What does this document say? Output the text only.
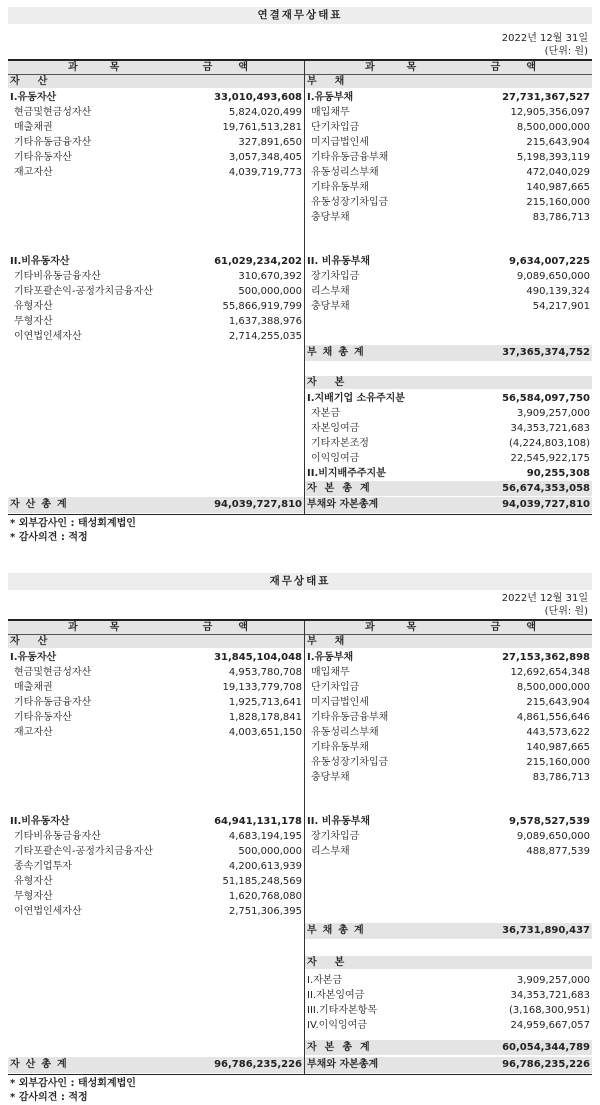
연결재무상태표
2022년 12월 31일
(단위: 원)
과목	금액
자산
I.유동자산	33,010,493,608
현금및현금성자산	5,824,020,499
매출채권	19,761,513,281
기타유동금융자산	327,891,650
기타유동자산	3,057,348,405
재고자산	4,039,719,773
II.비유동자산	61,029,234,202
기타비유동금융자산	310,670,392
기타포괄손익-공정가치금융자산	500,000,000
유형자산	55,866,919,799
무형자산	1,637,388,976
이연법인세자산	2,714,255,035
자산총계	94,039,727,810
과목	금액
부채
I.유동부채	27,731,367,527
매입채무	12,905,356,097
단기차입금	8,500,000,000
미지급법인세	215,643,904
기타유동금융부채	5,198,393,119
유동성리스부채	472,040,029
기타유동부채	140,987,665
유동성장기차입금	215,160,000
충당부채	83,786,713
II. 비유동부채	9,634,007,225
장기차입금	9,089,650,000
리스부채	490,139,324
충당부채	54,217,901
부채총계	37,365,374,752
자본
I.지배기업 소유주지분	56,584,097,750
자본금	3,909,257,000
자본잉여금	34,353,721,683
기타자본조정	(4,224,803,108)
이익잉여금	22,545,922,175
II.비지배주주지분	90,255,308
자본총계	56,674,353,058
부채와 자본총계	94,039,727,810
* 외부감사인 : 태성회계법인
* 감사의견 : 적정
재무상태표
2022년 12월 31일
(단위: 원)
과목	금액
자산
I.유동자산	31,845,104,048
현금및현금성자산	4,953,780,708
매출채권	19,133,779,708
기타유동금융자산	1,925,713,641
기타유동자산	1,828,178,841
재고자산	4,003,651,150
II.비유동자산	64,941,131,178
기타비유동금융자산	4,683,194,195
기타포괄손익-공정가치금융자산	500,000,000
종속기업투자	4,200,613,939
유형자산	51,185,248,569
무형자산	1,620,768,080
이연법인세자산	2,751,306,395
자산총계	96,786,235,226
과목	금액
부채
I.유동부채	27,153,362,898
매입채무	12,692,654,348
단기차입금	8,500,000,000
미지급법인세	215,643,904
기타유동금융부채	4,861,556,646
유동성리스부채	443,573,622
기타유동부채	140,987,665
유동성장기차입금	215,160,000
충당부채	83,786,713
II. 비유동부채	9,578,527,539
장기차입금	9,089,650,000
리스부채	488,877,539
부채총계	36,731,890,437
자본
I.자본금	3,909,257,000
II.자본잉여금	34,353,721,683
III.기타자본항목	(3,168,300,951)
IV.이익잉여금	24,959,667,057
자본총계	60,054,344,789
부채와 자본총계	96,786,235,226
* 외부감사인 : 태성회계법인
* 감사의견 : 적정
